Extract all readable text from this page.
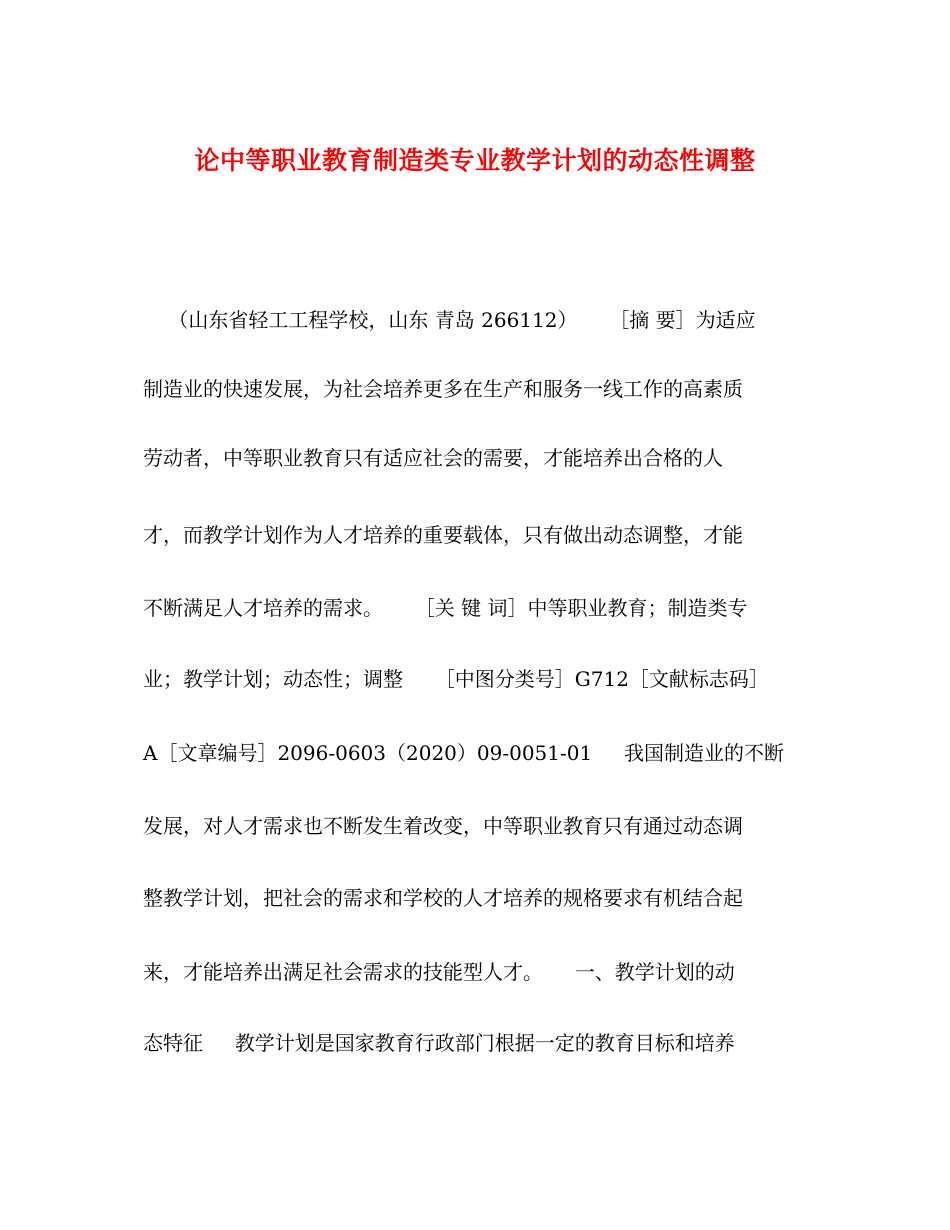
论中等职业教育制造类专业教学计划的动态性调整

（山东省轻工工程学校，山东 青岛 266112）     ［摘 要］为适应

制造业的快速发展，为社会培养更多在生产和服务一线工作的高素质

劳动者，中等职业教育只有适应社会的需要，才能培养出合格的人

才，而教学计划作为人才培养的重要载体，只有做出动态调整，才能

不断满足人才培养的需求。     ［关 键 词］中等职业教育；制造类专

业；教学计划；动态性；调整     ［中图分类号］G712［文献标志码］

A［文章编号］2096-0603（2020）09-0051-01     我国制造业的不断

发展，对人才需求也不断发生着改变，中等职业教育只有通过动态调

整教学计划，把社会的需求和学校的人才培养的规格要求有机结合起

来，才能培养出满足社会需求的技能型人才。     一、教学计划的动

态特征     教学计划是国家教育行政部门根据一定的教育目标和培养
